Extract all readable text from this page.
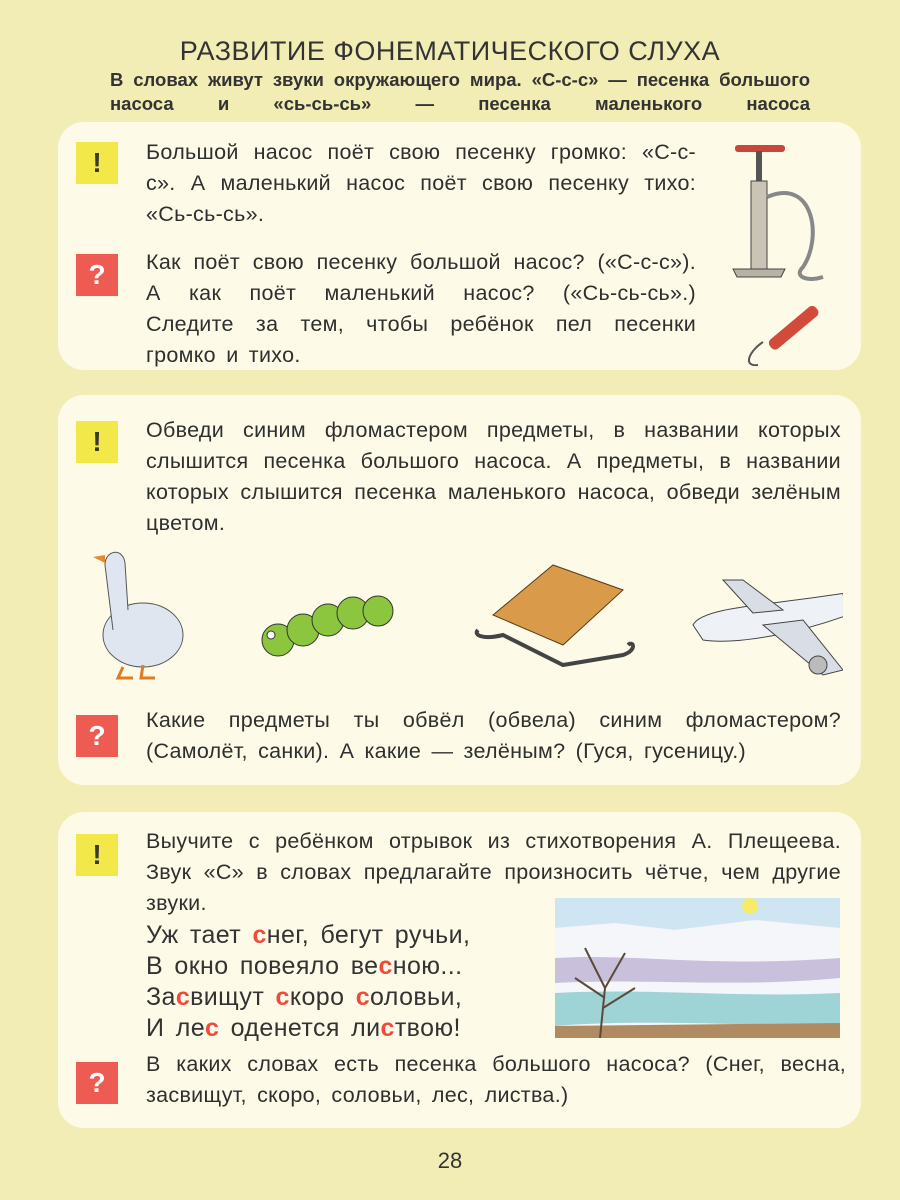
РАЗВИТИЕ ФОНЕМАТИЧЕСКОГО СЛУХА
В словах живут звуки окружающего мира. «С-с-с» — песенка большого насоса и «сь-сь-сь» — песенка маленького насоса
!	Большой насос поёт свою песенку громко: «С-с-с». А маленький насос поёт свою песенку тихо: «Сь-сь-сь».
?	Как поёт свою песенку большой насос? («С-с-с»). А как поёт маленький насос? («Сь-сь-сь».) Следите за тем, чтобы ребёнок пел песенки громко и тихо.
!	Обведи синим фломастером предметы, в названии которых слышится песенка большого насоса. А предметы, в названии которых слышится песенка маленького насоса, обведи зелёным цветом.
?	Какие предметы ты обвёл (обвела) синим фломастером? (Самолёт, санки). А какие — зелёным? (Гуся, гусеницу.)
!	Выучите с ребёнком отрывок из стихотворения А. Плещеева. Звук «С» в словах предлагайте произносить чётче, чем другие звуки.
Уж тает снег, бегут ручьи,
В окно повеяло весною...
Засвищут скоро соловьи,
И лес оденется листвою!
?
В каких словах есть песенка большого насоса? (Снег, весна, засвищут, скоро, соловьи, лес, листва.)
28
